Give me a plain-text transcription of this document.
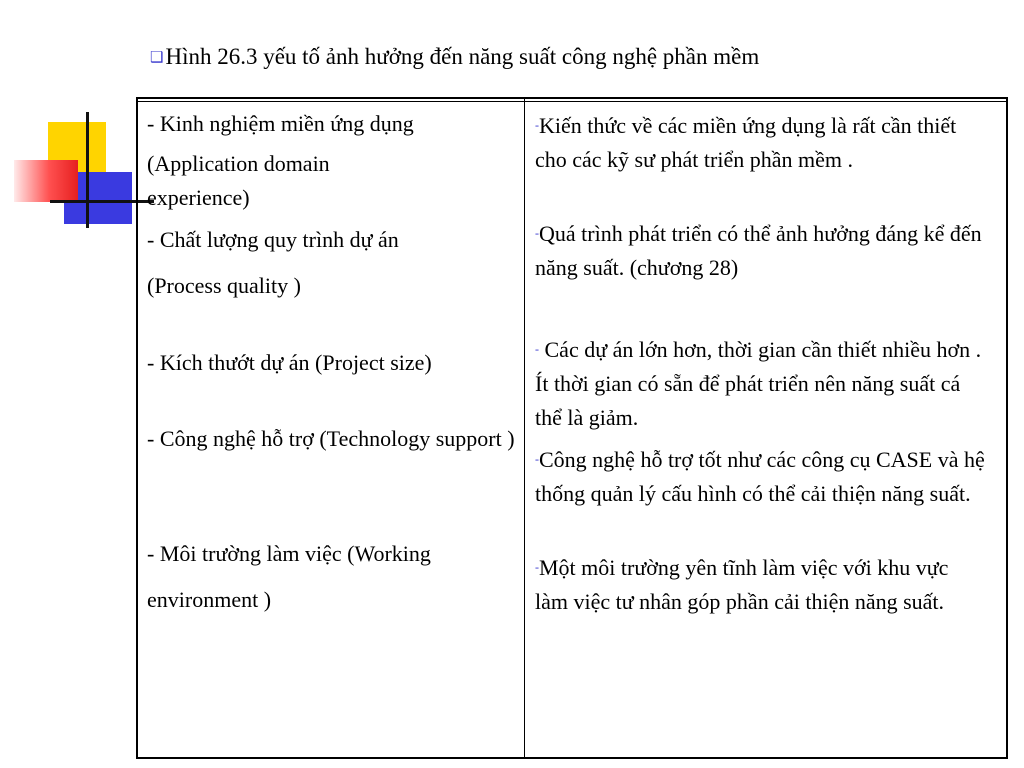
❑Hình 26.3 yếu tố ảnh hưởng đến năng suất công nghệ phần mềm
- Kinh nghiệm miền ứng dụng
(Application domain experience)
- Chất lượng quy trình dự án
(Process quality )
- Kích thướt dự án (Project size)
- Công nghệ hỗ trợ (Technology support )
- Môi trường làm việc (Working
environment )
-Kiến thức về các miền ứng dụng là rất cần thiết cho các kỹ sư phát triển phần mềm .
-Quá trình phát triển có thể ảnh hưởng đáng kể đến năng suất. (chương 28)
- Các dự án lớn hơn, thời gian cần thiết nhiều hơn . Ít thời gian có sẵn để phát triển nên năng suất cá thể là giảm.
-Công nghệ hỗ trợ tốt như các công cụ CASE và hệ thống quản lý cấu hình có thể cải thiện năng suất.
-Một môi trường yên tĩnh làm việc với khu vực làm việc tư nhân góp phần cải thiện năng suất.
